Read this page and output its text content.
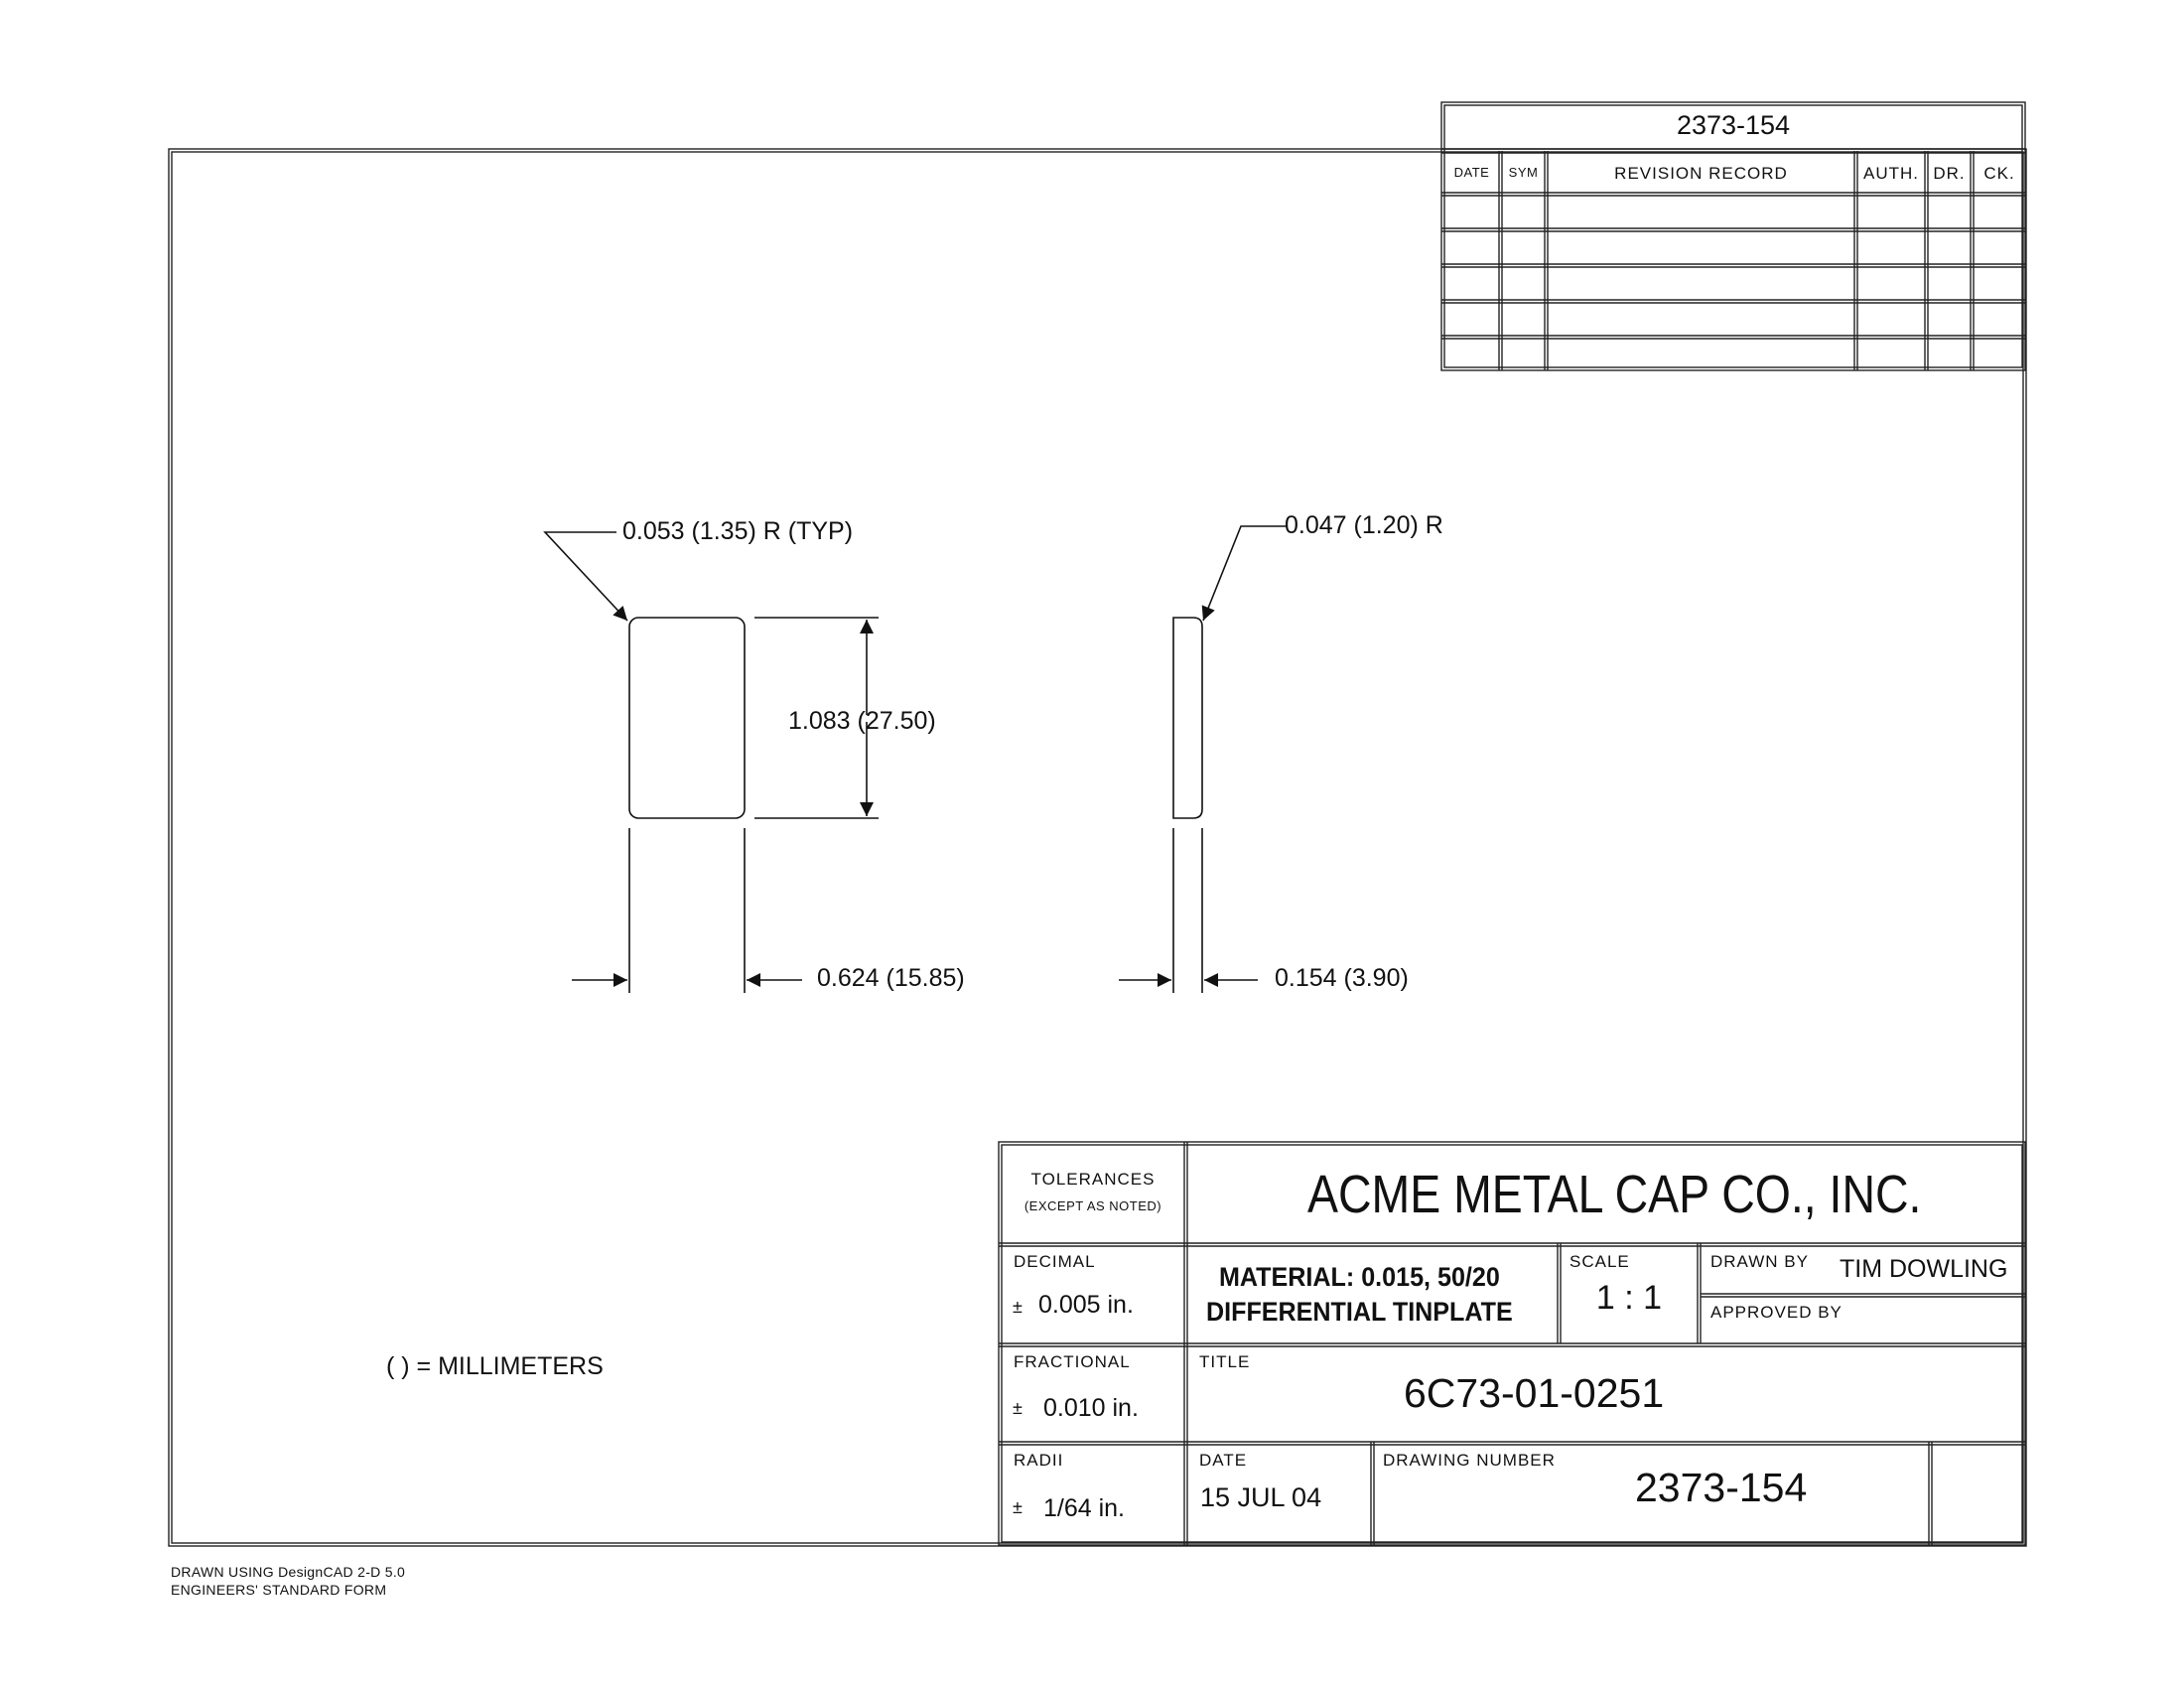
2373-154
DATE	SYM	REVISION RECORD	AUTH. DR.	CK.
0.053 (1.35) R (TYP)
1.083 (27.50)
0.624 (15.85)
0.047 (1.20) R
0.154 (3.90)
( ) = MILLIMETERS
TOLERANCES
(EXCEPT AS NOTED)	ACME METAL CAP CO., INC.
DECIMAL
± 0.005 in.
MATERIAL: 0.015, 50/20
DIFFERENTIAL TINPLATE
SCALE
1 : 1
DRAWN BY TIM DOWLING
APPROVED BY
FRACTIONAL
± 0.010 in.
TITLE
6C73-01-0251
RADII
± 1/64 in.
DATE
15 JUL 04
DRAWING NUMBER
2373-154
DRAWN USING DesignCAD 2-D 5.0
ENGINEERS' STANDARD FORM
